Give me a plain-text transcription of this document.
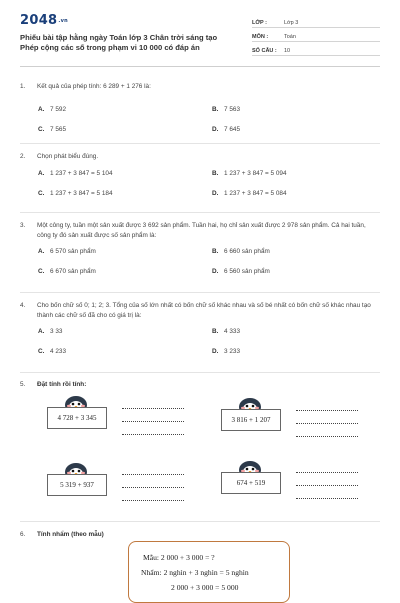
2048.vn
Phiếu bài tập hằng ngày Toán lớp 3 Chân trời sáng tạo
Phép cộng các số trong phạm vi 10 000 có đáp án
LỚP :	Lớp 3
MÔN :	Toán
SỐ CÂU :	10
1.	Kết quả của phép tính: 6 289 + 1 276 là:
A. 7 592	B. 7 563
C. 7 565	D. 7 645
2.	Chọn phát biểu đúng.
A. 1 237 + 3 847 = 5 104	B. 1 237 + 3 847 = 5 094
C. 1 237 + 3 847 = 5 184	D. 1 237 + 3 847 = 5 084
3.	Một công ty, tuần một sản xuất được 3 692 sản phẩm. Tuần hai, họ chỉ sản xuất được 2 978 sản phẩm. Cả hai tuần, công ty đó sản xuất được số sản phẩm là:
A. 6 570 sản phẩm	B. 6 660 sản phẩm
C. 6 670 sản phẩm	D. 6 560 sản phẩm
4.	Cho bốn chữ số 0; 1; 2; 3. Tổng của số lớn nhất có bốn chữ số khác nhau và số bé nhất có bốn chữ số khác nhau tạo thành các chữ số đã cho có giá trị là:
A. 3 33	B. 4 333
C. 4 233	D. 3 233
5.	Đặt tính rồi tính:
4 728 + 3 345	3 816 + 1 207
5 319 + 937	674 + 519
6.	Tính nhẩm (theo mẫu)
Mẫu: 2 000 + 3 000 = ?
Nhẩm: 2 nghìn + 3 nghìn = 5 nghìn
2 000 + 3 000 = 5 000
